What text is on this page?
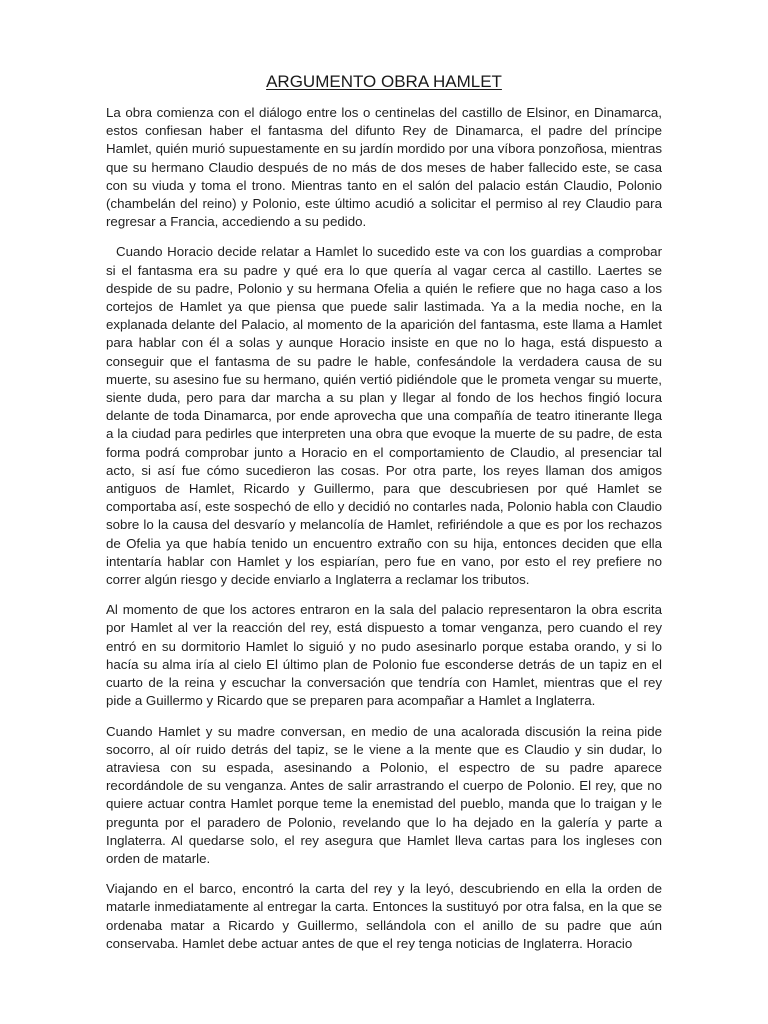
ARGUMENTO OBRA HAMLET

La obra comienza con el diálogo entre los o centinelas del castillo de Elsinor, en Dinamarca, estos confiesan haber el fantasma del difunto Rey de Dinamarca, el padre del príncipe Hamlet, quién murió supuestamente en su jardín mordido por una víbora ponzoñosa, mientras que su hermano Claudio después de no más de dos meses de haber fallecido este, se casa con su viuda y toma el trono. Mientras tanto en el salón del palacio están Claudio, Polonio (chambelán del reino) y Polonio, este último acudió a solicitar el permiso al rey Claudio para regresar a Francia, accediendo a su pedido.

Cuando Horacio decide relatar a Hamlet lo sucedido este va con los guardias a comprobar si el fantasma era su padre y qué era lo que quería al vagar cerca al castillo. Laertes se despide de su padre, Polonio y su hermana Ofelia a quién le refiere que no haga caso a los cortejos de Hamlet ya que piensa que puede salir lastimada. Ya a la media noche, en la explanada delante del Palacio, al momento de la aparición del fantasma, este llama a Hamlet para hablar con él a solas y aunque Horacio insiste en que no lo haga, está dispuesto a conseguir que el fantasma de su padre le hable, confesándole la verdadera causa de su muerte, su asesino fue su hermano, quién vertió pidiéndole que le prometa vengar su muerte, siente duda, pero para dar marcha a su plan y llegar al fondo de los hechos fingió locura delante de toda Dinamarca, por ende aprovecha que una compañía de teatro itinerante llega a la ciudad para pedirles que interpreten una obra que evoque la muerte de su padre, de esta forma podrá comprobar junto a Horacio en el comportamiento de Claudio, al presenciar tal acto, si así fue cómo sucedieron las cosas. Por otra parte, los reyes llaman dos amigos antiguos de Hamlet, Ricardo y Guillermo, para que descubriesen por qué Hamlet se comportaba así, este sospechó de ello y decidió no contarles nada, Polonio habla con Claudio sobre lo la causa del desvarío y melancolía de Hamlet, refiriéndole a que es por los rechazos de Ofelia ya que había tenido un encuentro extraño con su hija, entonces deciden que ella intentaría hablar con Hamlet y los espiarían, pero fue en vano, por esto el rey prefiere no correr algún riesgo y decide enviarlo a Inglaterra a reclamar los tributos.

Al momento de que los actores entraron en la sala del palacio representaron la obra escrita por Hamlet al ver la reacción del rey, está dispuesto a tomar venganza, pero cuando el rey entró en su dormitorio Hamlet lo siguió y no pudo asesinarlo porque estaba orando, y si lo hacía su alma iría al cielo El último plan de Polonio fue esconderse detrás de un tapiz en el cuarto de la reina y escuchar la conversación que tendría con Hamlet, mientras que el rey pide a Guillermo y Ricardo que se preparen para acompañar a Hamlet a Inglaterra.

Cuando Hamlet y su madre conversan, en medio de una acalorada discusión la reina pide socorro, al oír ruido detrás del tapiz, se le viene a la mente que es Claudio y sin dudar, lo atraviesa con su espada, asesinando a Polonio, el espectro de su padre aparece recordándole de su venganza. Antes de salir arrastrando el cuerpo de Polonio. El rey, que no quiere actuar contra Hamlet porque teme la enemistad del pueblo, manda que lo traigan y le pregunta por el paradero de Polonio, revelando que lo ha dejado en la galería y parte a Inglaterra. Al quedarse solo, el rey asegura que Hamlet lleva cartas para los ingleses con orden de matarle.

Viajando en el barco, encontró la carta del rey y la leyó, descubriendo en ella la orden de matarle inmediatamente al entregar la carta. Entonces la sustituyó por otra falsa, en la que se ordenaba matar a Ricardo y Guillermo, sellándola con el anillo de su padre que aún conservaba. Hamlet debe actuar antes de que el rey tenga noticias de Inglaterra. Horacio
